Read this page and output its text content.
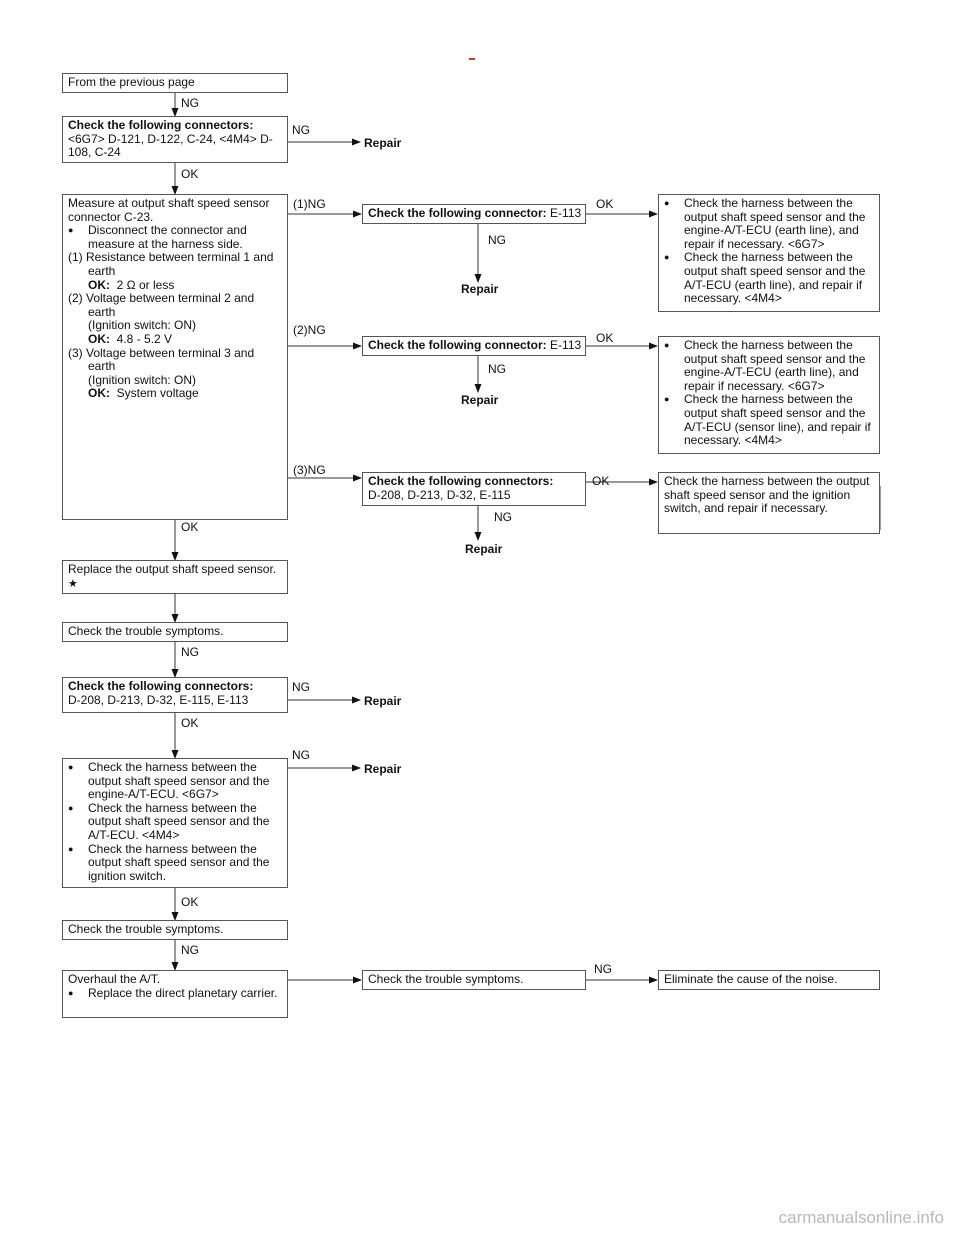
From the previous page
Check the following connectors:
<6G7> D-121, D-122, C-24, <4M4> D-108, C-24
Measure at output shaft speed sensor connector C-23.
● Disconnect the connector and measure at the harness side.
(1) Resistance between terminal 1 and earth
OK: 2 Ω or less
(2) Voltage between terminal 2 and earth
(Ignition switch: ON)
OK: 4.8 - 5.2 V
(3) Voltage between terminal 3 and earth
(Ignition switch: ON)
OK: System voltage
Replace the output shaft speed sensor. ★
Check the trouble symptoms.
Check the following connectors:
D-208, D-213, D-32, E-115, E-113
● Check the harness between the output shaft speed sensor and the engine-A/T-ECU. <6G7>
● Check the harness between the output shaft speed sensor and the A/T-ECU. <4M4>
● Check the harness between the output shaft speed sensor and the ignition switch.
Check the trouble symptoms.
Overhaul the A/T.
● Replace the direct planetary carrier.
Check the following connector: E-113
Check the following connector: E-113
Check the following connectors:
D-208, D-213, D-32, E-115
Check the trouble symptoms.
● Check the harness between the output shaft speed sensor and the engine-A/T-ECU (earth line), and repair if necessary. <6G7>
● Check the harness between the output shaft speed sensor and the A/T-ECU (earth line), and repair if necessary. <4M4>
● Check the harness between the output shaft speed sensor and the engine-A/T-ECU (earth line), and repair if necessary. <6G7>
● Check the harness between the output shaft speed sensor and the A/T-ECU (sensor line), and repair if necessary. <4M4>
Check the harness between the output shaft speed sensor and the ignition switch, and repair if necessary.
Eliminate the cause of the noise.
NG
NG
OK
(1)NG	OK
NG
(2)NG
OK
NG
(3)NG
OK
NG
OK
NG
NG
OK
NG
OK
NG
NG
Repair
Repair
Repair
Repair
Repair
Repair
carmanualsonline.info
